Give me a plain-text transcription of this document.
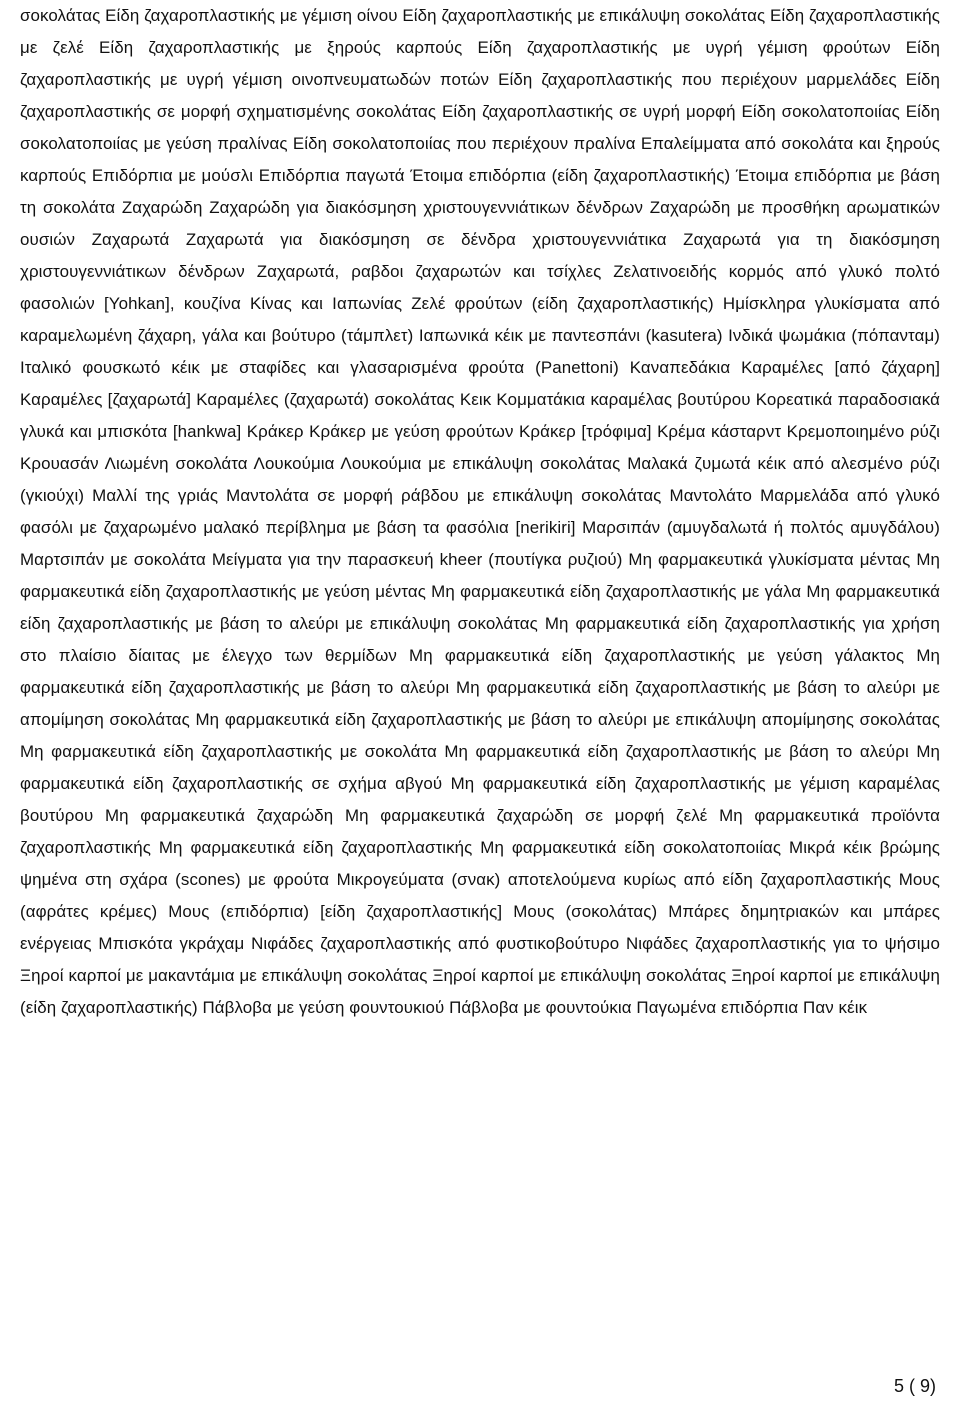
σοκολάτας Είδη ζαχαροπλαστικής με γέμιση οίνου Είδη ζαχαροπλαστικής με επικάλυψη σοκολάτας Είδη ζαχαροπλαστικής με ζελέ Είδη ζαχαροπλαστικής με ξηρούς καρπούς Είδη ζαχαροπλαστικής με υγρή γέμιση φρούτων Είδη ζαχαροπλαστικής με υγρή γέμιση οινοπνευματωδών ποτών Είδη ζαχαροπλαστικής που περιέχουν μαρμελάδες Είδη ζαχαροπλαστικής σε μορφή σχηματισμένης σοκολάτας Είδη ζαχαροπλαστικής σε υγρή μορφή Είδη σοκολατοποιίας Είδη σοκολατοποιίας με γεύση πραλίνας Είδη σοκολατοποιίας που περιέχουν πραλίνα Επαλείμματα από σοκολάτα και ξηρούς καρπούς Επιδόρπια με μούσλι Επιδόρπια παγωτά Έτοιμα επιδόρπια (είδη ζαχαροπλαστικής) Έτοιμα επιδόρπια με βάση τη σοκολάτα Ζαχαρώδη Ζαχαρώδη για διακόσμηση χριστουγεννιάτικων δένδρων Ζαχαρώδη με προσθήκη αρωματικών ουσιών Ζαχαρωτά Ζαχαρωτά για διακόσμηση σε δένδρα χριστουγεννιάτικα Ζαχαρωτά για τη διακόσμηση χριστουγεννιάτικων δένδρων Ζαχαρωτά, ραβδοι ζαχαρωτών και τσίχλες Ζελατινοειδής κορμός από γλυκό πολτό φασολιών [Yohkan], κουζίνα Κίνας και Ιαπωνίας Ζελέ φρούτων (είδη ζαχαροπλαστικής) Ημίσκληρα γλυκίσματα από καραμελωμένη ζάχαρη, γάλα και βούτυρο (τάμπλετ) Ιαπωνικά κέικ με παντεσπάνι (kasutera) Ινδικά ψωμάκια (πόπανταμ) Ιταλικό φουσκωτό κέικ με σταφίδες και γλασαρισμένα φρούτα (Panettoni) Καναπεδάκια Καραμέλες [από ζάχαρη] Καραμέλες [ζαχαρωτά] Καραμέλες (ζαχαρωτά) σοκολάτας Κεικ Κομματάκια καραμέλας βουτύρου Κορεατικά παραδοσιακά γλυκά και μπισκότα [hankwa] Κράκερ Κράκερ με γεύση φρούτων Κράκερ [τρόφιμα] Κρέμα κάσταρντ Κρεμοποιημένο ρύζι Κρουασάν Λιωμένη σοκολάτα Λουκούμια Λουκούμια με επικάλυψη σοκολάτας Μαλακά ζυμωτά κέικ από αλεσμένο ρύζι (γκιούχι) Μαλλί της γριάς Μαντολάτα σε μορφή ράβδου με επικάλυψη σοκολάτας Μαντολάτο Μαρμελάδα από γλυκό φασόλι με ζαχαρωμένο μαλακό περίβλημα με βάση τα φασόλια [nerikiri] Μαρσιπάν (αμυγδαλωτά ή πολτός αμυγδάλου) Μαρτσιπάν με σοκολάτα Μείγματα για την παρασκευή kheer (πουτίγκα ρυζιού) Μη φαρμακευτικά γλυκίσματα μέντας Μη φαρμακευτικά είδη ζαχαροπλαστικής με γεύση μέντας Μη φαρμακευτικά είδη ζαχαροπλαστικής με γάλα Μη φαρμακευτικά είδη ζαχαροπλαστικής με βάση το αλεύρι με επικάλυψη σοκολάτας Μη φαρμακευτικά είδη ζαχαροπλαστικής για χρήση στο πλαίσιο δίαιτας με έλεγχο των θερμίδων Μη φαρμακευτικά είδη ζαχαροπλαστικής με γεύση γάλακτος Μη φαρμακευτικά είδη ζαχαροπλαστικής με βάση το αλεύρι Μη φαρμακευτικά είδη ζαχαροπλαστικής με βάση το αλεύρι με απομίμηση σοκολάτας Μη φαρμακευτικά είδη ζαχαροπλαστικής με βάση το αλεύρι με επικάλυψη απομίμησης σοκολάτας Μη φαρμακευτικά είδη ζαχαροπλαστικής με σοκολάτα Μη φαρμακευτικά είδη ζαχαροπλαστικής με βάση το αλεύρι Μη φαρμακευτικά είδη ζαχαροπλαστικής σε σχήμα αβγού Μη φαρμακευτικά είδη ζαχαροπλαστικής με γέμιση καραμέλας βουτύρου Μη φαρμακευτικά ζαχαρώδη Μη φαρμακευτικά ζαχαρώδη σε μορφή ζελέ Μη φαρμακευτικά προϊόντα ζαχαροπλαστικής Μη φαρμακευτικά είδη ζαχαροπλαστικής Μη φαρμακευτικά είδη σοκολατοποιίας Μικρά κέικ βρώμης ψημένα στη σχάρα (scones) με φρούτα Μικρογεύματα (σνακ) αποτελούμενα κυρίως από είδη ζαχαροπλαστικής Μους (αφράτες κρέμες) Μους (επιδόρπια) [είδη ζαχαροπλαστικής] Μους (σοκολάτας) Μπάρες δημητριακών και μπάρες ενέργειας Μπισκότα γκράχαμ Νιφάδες ζαχαροπλαστικής από φυστικοβούτυρο Νιφάδες ζαχαροπλαστικής για το ψήσιμο Ξηροί καρποί με μακαντάμια με επικάλυψη σοκολάτας Ξηροί καρποί με επικάλυψη σοκολάτας Ξηροί καρποί με επικάλυψη (είδη ζαχαροπλαστικής) Πάβλοβα με γεύση φουντουκιού Πάβλοβα με φουντούκια Παγωμένα επιδόρπια Παν κέικ

5 ( 9)
